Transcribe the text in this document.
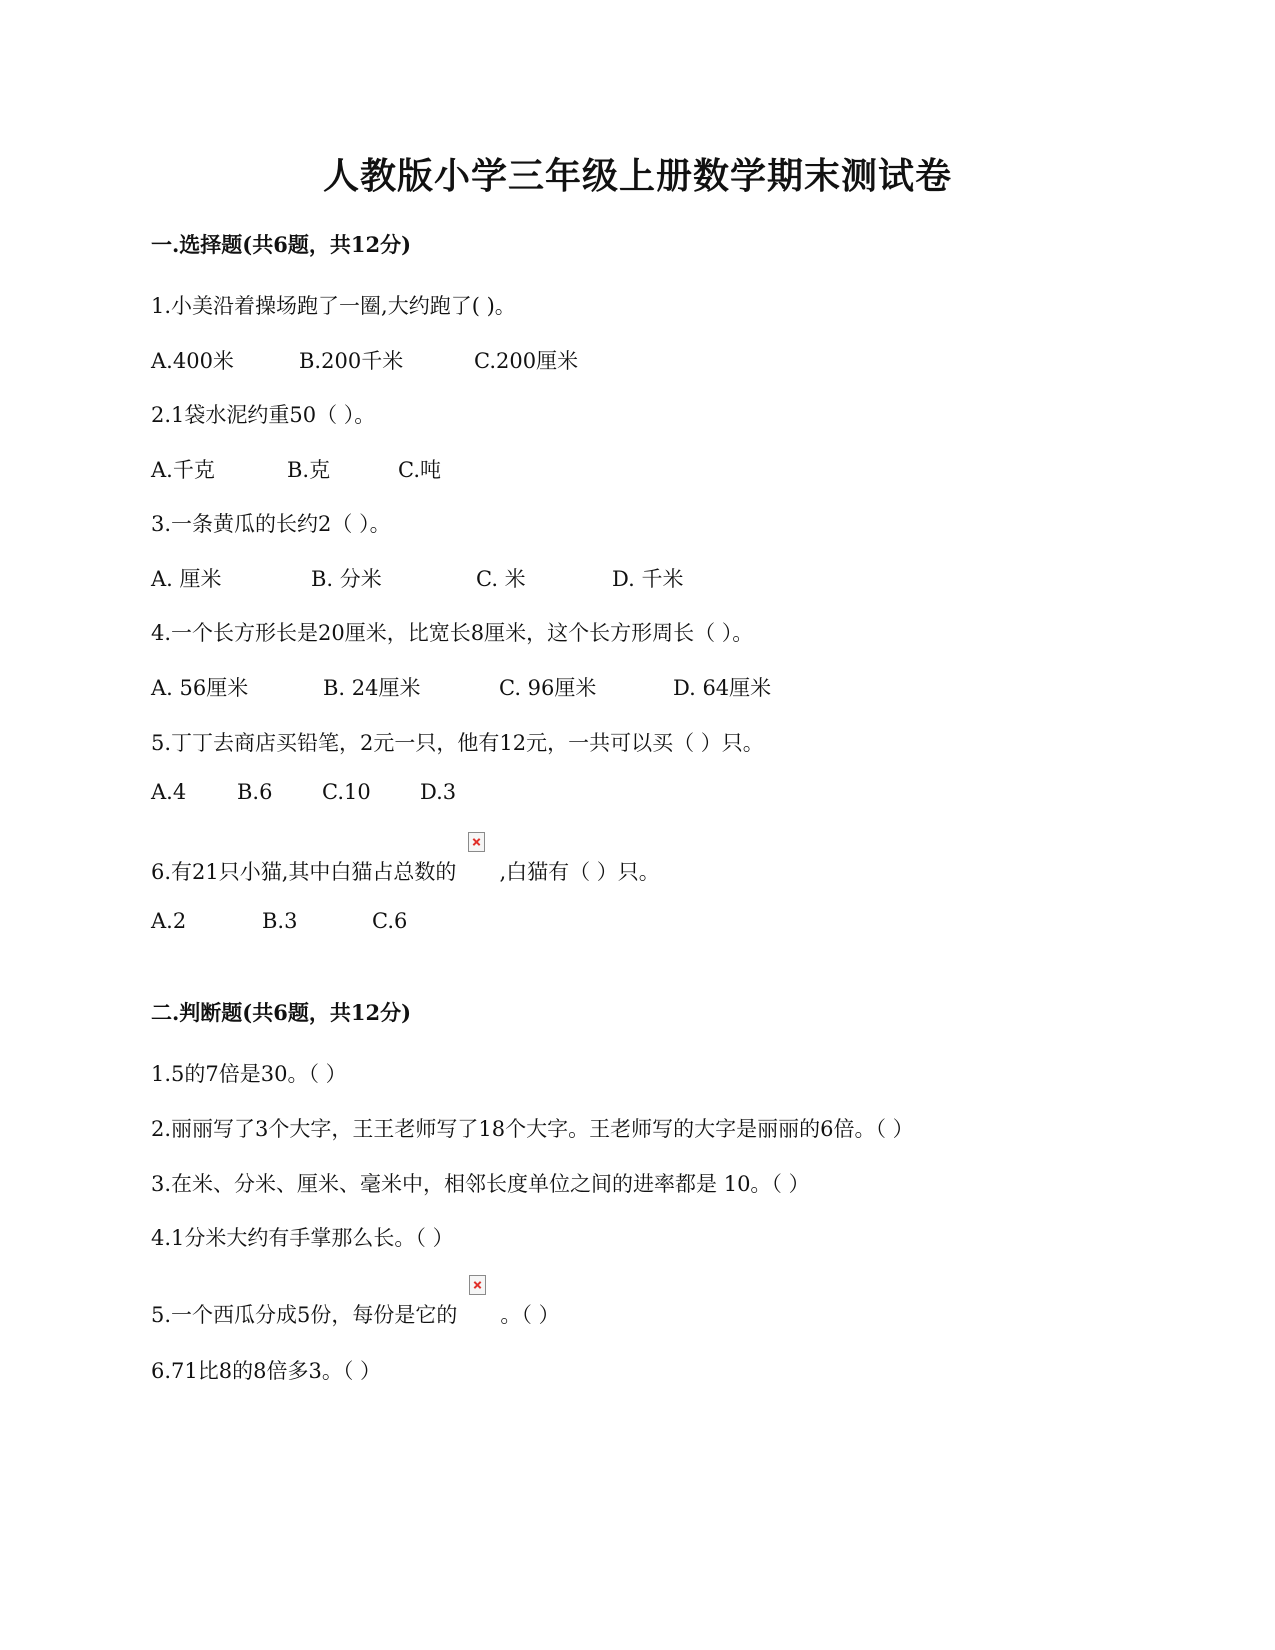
人教版小学三年级上册数学期末测试卷
一.选择题(共6题，共12分)
1.小美沿着操场跑了一圈,大约跑了( )。
A.400米	B.200千米	C.200厘米
2.1袋水泥约重50（ ）。
A.千克	B.克	C.吨
3.一条黄瓜的长约2（ ）。
A. 厘米	B. 分米	C. 米	D. 千米
4.一个长方形长是20厘米，比宽长8厘米，这个长方形周长（ ）。
A. 56厘米	B. 24厘米	C. 96厘米	D. 64厘米
5.丁丁去商店买铅笔，2元一只，他有12元，一共可以买（ ）只。
A.4 B.6 C.10 D.3
6.有21只小猫,其中白猫占总数的 ,白猫有（ ）只。
A.2	B.3	C.6
二.判断题(共6题，共12分)
1.5的7倍是30。（ ）
2.丽丽写了3个大字，王王老师写了18个大字。王老师写的大字是丽丽的6倍。（ ）
3.在米、分米、厘米、毫米中，相邻长度单位之间的进率都是 10。（ ）
4.1分米大约有手掌那么长。（ ）
5.一个西瓜分成5份，每份是它的 。（ ）
6.71比8的8倍多3。（ ）
